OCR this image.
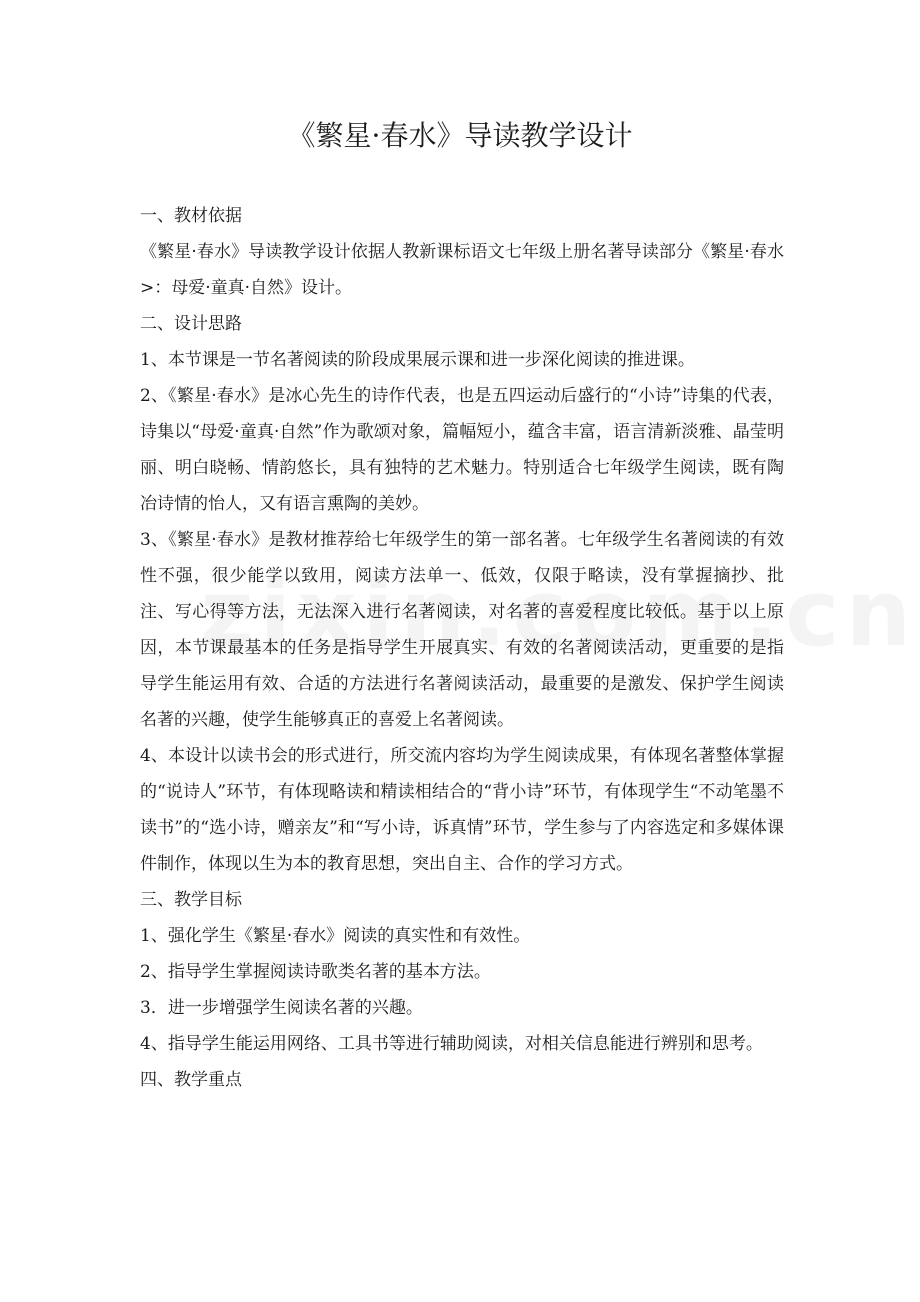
《繁星·春水》导读教学设计
一、教材依据

《繁星·春水》导读教学设计依据人教新课标语文七年级上册名著导读部分《繁星·春水>：母爱·童真·自然》设计。

二、设计思路

1、本节课是一节名著阅读的阶段成果展示课和进一步深化阅读的推进课。

2、《繁星·春水》是冰心先生的诗作代表，也是五四运动后盛行的“小诗”诗集的代表，诗集以“母爱·童真·自然”作为歌颂对象，篇幅短小，蕴含丰富，语言清新淡雅、晶莹明丽、明白晓畅、情韵悠长，具有独特的艺术魅力。特别适合七年级学生阅读，既有陶冶诗情的怡人，又有语言熏陶的美妙。

3、《繁星·春水》是教材推荐给七年级学生的第一部名著。七年级学生名著阅读的有效性不强，很少能学以致用，阅读方法单一、低效，仅限于略读，没有掌握摘抄、批注、写心得等方法，无法深入进行名著阅读，对名著的喜爱程度比较低。基于以上原因，本节课最基本的任务是指导学生开展真实、有效的名著阅读活动，更重要的是指导学生能运用有效、合适的方法进行名著阅读活动，最重要的是激发、保护学生阅读名著的兴趣，使学生能够真正的喜爱上名著阅读。

4、本设计以读书会的形式进行，所交流内容均为学生阅读成果，有体现名著整体掌握的“说诗人”环节，有体现略读和精读相结合的“背小诗”环节，有体现学生“不动笔墨不读书”的“选小诗，赠亲友”和“写小诗，诉真情”环节，学生参与了内容选定和多媒体课件制作，体现以生为本的教育思想，突出自主、合作的学习方式。

三、教学目标

1、强化学生《繁星·春水》阅读的真实性和有效性。

2、指导学生掌握阅读诗歌类名著的基本方法。

3．进一步增强学生阅读名著的兴趣。

4、指导学生能运用网络、工具书等进行辅助阅读，对相关信息能进行辨别和思考。

四、教学重点
